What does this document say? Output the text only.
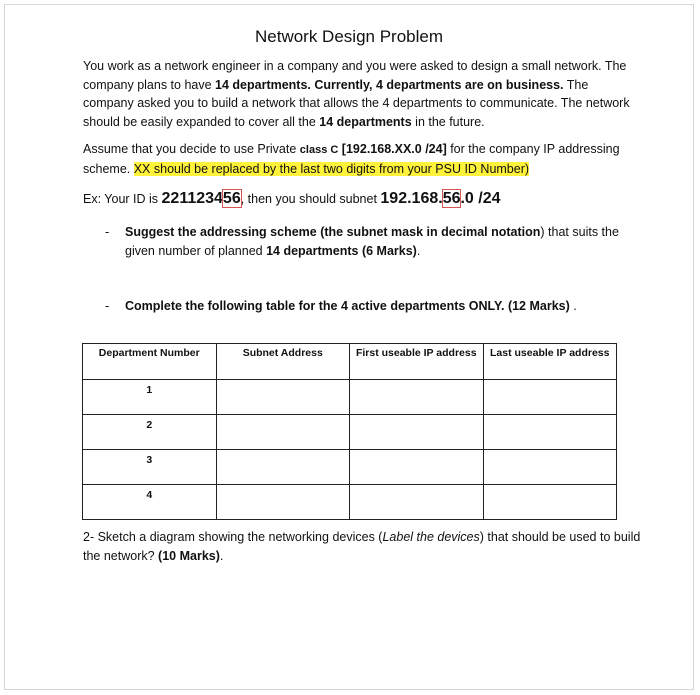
Network Design Problem
You work as a network engineer in a company and you were asked to design a small network. The company plans to have 14 departments. Currently, 4 departments are on business. The company asked you to build a network that allows the 4 departments to communicate. The network should be easily expanded to cover all the 14 departments in the future.
Assume that you decide to use Private class C [192.168.XX.0 /24] for the company IP addressing scheme. XX should be replaced by the last two digits from your PSU ID Number)
Ex: Your ID is 221123456, then you should subnet 192.168.56.0 /24
- Suggest the addressing scheme (the subnet mask in decimal notation) that suits the given number of planned 14 departments (6 Marks).
- Complete the following table for the 4 active departments ONLY. (12 Marks) .
Department Number	Subnet Address	First useable IP address	Last useable IP address
1			
2			
3			
4			
2- Sketch a diagram showing the networking devices (Label the devices) that should be used to build the network? (10 Marks).
